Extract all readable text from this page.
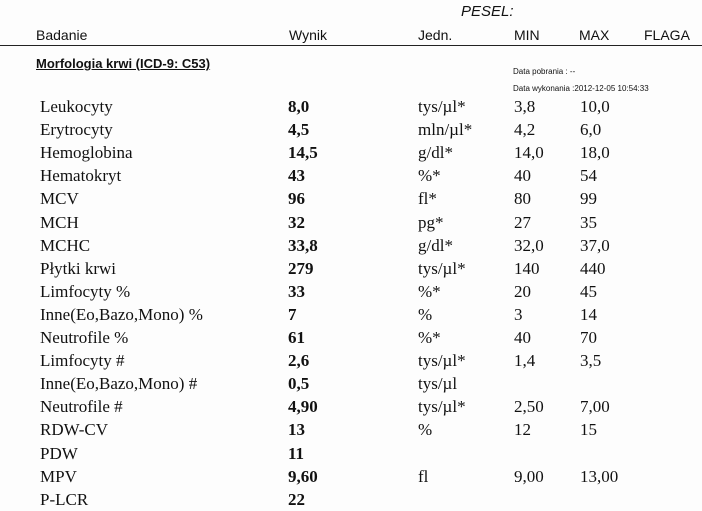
PESEL:
Badanie	Wynik	Jedn.	MIN	MAX FLAGA
Morfologia krwi (ICD-9: C53)
Data pobrania : --
Data wykonania :2012-12-05 10:54:33
Leukocyty	8,0	tys/µl*	3,8	10,0
Erytrocyty	4,5	mln/µl* 4,2	6,0
Hemoglobina	14,5	g/dl*	14,0 18,0
Hematokryt	43	%*	40	54
MCV	96	fl*	80	99
MCH	32	pg*	27	35
MCHC	33,8	g/dl*	32,0 37,0
Płytki krwi	279	tys/µl*	140 440
Limfocyty %	33	%*	20	45
Inne(Eo,Bazo,Mono) %	7	%	3	14
Neutrofile %	61	%*	40	70
Limfocyty #	2,6	tys/µl*	1,4	3,5
Inne(Eo,Bazo,Mono) #	0,5	tys/µl
Neutrofile #	4,90	tys/µl*	2,50 7,00
RDW-CV	13	%	12	15
PDW	11
MPV	9,60	fl	9,00 13,00
P-LCR	22
